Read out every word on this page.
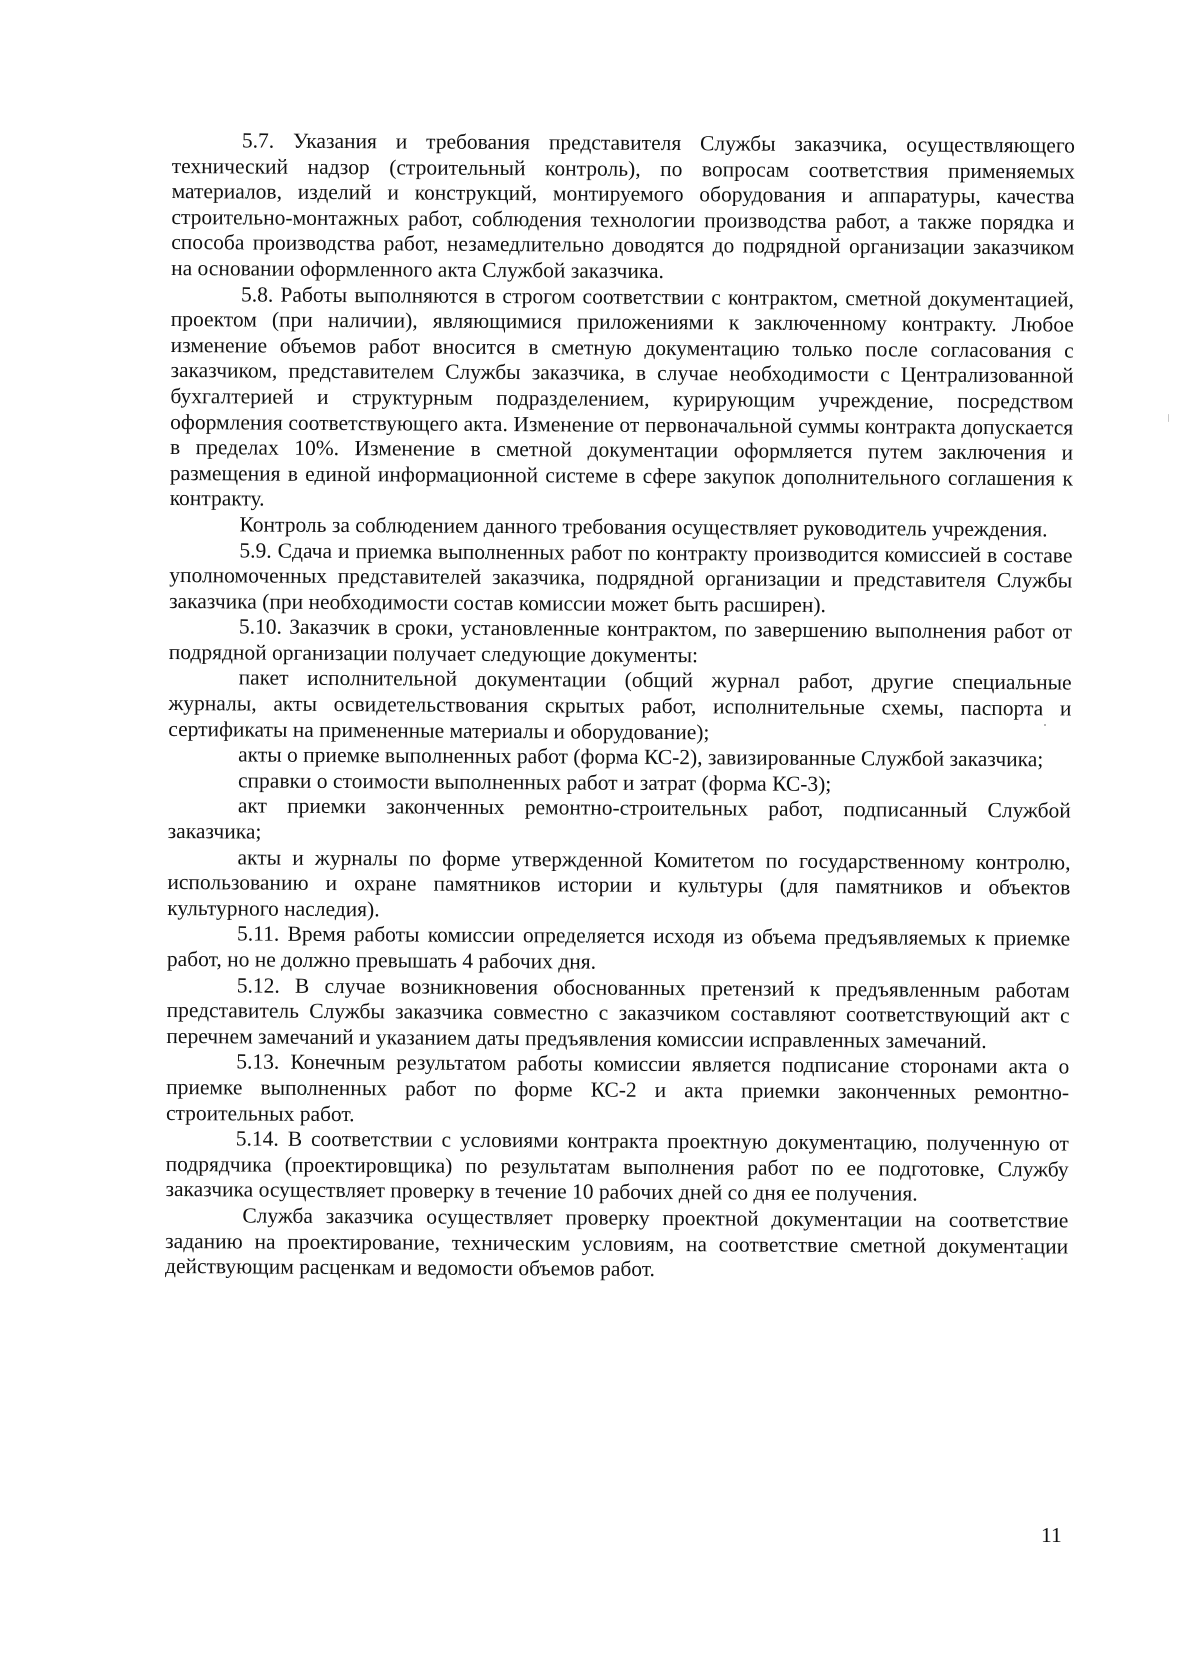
5.7. Указания и требования представителя Службы заказчика, осуществляющего технический надзор (строительный контроль), по вопросам соответствия применяемых материалов, изделий и конструкций, монтируемого оборудования и аппаратуры, качества строительно-монтажных работ, соблюдения технологии производства работ, а также порядка и способа производства работ, незамедлительно доводятся до подрядной организации заказчиком на основании оформленного акта Службой заказчика.

5.8. Работы выполняются в строгом соответствии с контрактом, сметной документацией, проектом (при наличии), являющимися приложениями к заключенному контракту. Любое изменение объемов работ вносится в сметную документацию только после согласования с заказчиком, представителем Службы заказчика, в случае необходимости с Централизованной бухгалтерией и структурным подразделением, курирующим учреждение, посредством оформления соответствующего акта. Изменение от первоначальной суммы контракта допускается в пределах 10%. Изменение в сметной документации оформляется путем заключения и размещения в единой информационной системе в сфере закупок дополнительного соглашения к контракту.

Контроль за соблюдением данного требования осуществляет руководитель учреждения.

5.9. Сдача и приемка выполненных работ по контракту производится комиссией в составе уполномоченных представителей заказчика, подрядной организации и представителя Службы заказчика (при необходимости состав комиссии может быть расширен).

5.10. Заказчик в сроки, установленные контрактом, по завершению выполнения работ от подрядной организации получает следующие документы:

пакет исполнительной документации (общий журнал работ, другие специальные журналы, акты освидетельствования скрытых работ, исполнительные схемы, паспорта и сертификаты на примененные материалы и оборудование);

акты о приемке выполненных работ (форма КС-2), завизированные Службой заказчика;

справки о стоимости выполненных работ и затрат (форма КС-3);

акт приемки законченных ремонтно-строительных работ, подписанный Службой заказчика;

акты и журналы по форме утвержденной Комитетом по государственному контролю, использованию и охране памятников истории и культуры (для памятников и объектов культурного наследия).

5.11. Время работы комиссии определяется исходя из объема предъявляемых к приемке работ, но не должно превышать 4 рабочих дня.

5.12. В случае возникновения обоснованных претензий к предъявленным работам представитель Службы заказчика совместно с заказчиком составляют соответствующий акт с перечнем замечаний и указанием даты предъявления комиссии исправленных замечаний.

5.13. Конечным результатом работы комиссии является подписание сторонами акта о приемке выполненных работ по форме КС-2 и акта приемки законченных ремонтно-строительных работ.

5.14. В соответствии с условиями контракта проектную документацию, полученную от подрядчика (проектировщика) по результатам выполнения работ по ее подготовке, Службу заказчика осуществляет проверку в течение 10 рабочих дней со дня ее получения.

Служба заказчика осуществляет проверку проектной документации на соответствие заданию на проектирование, техническим условиям, на соответствие сметной документации действующим расценкам и ведомости объемов работ.

11
